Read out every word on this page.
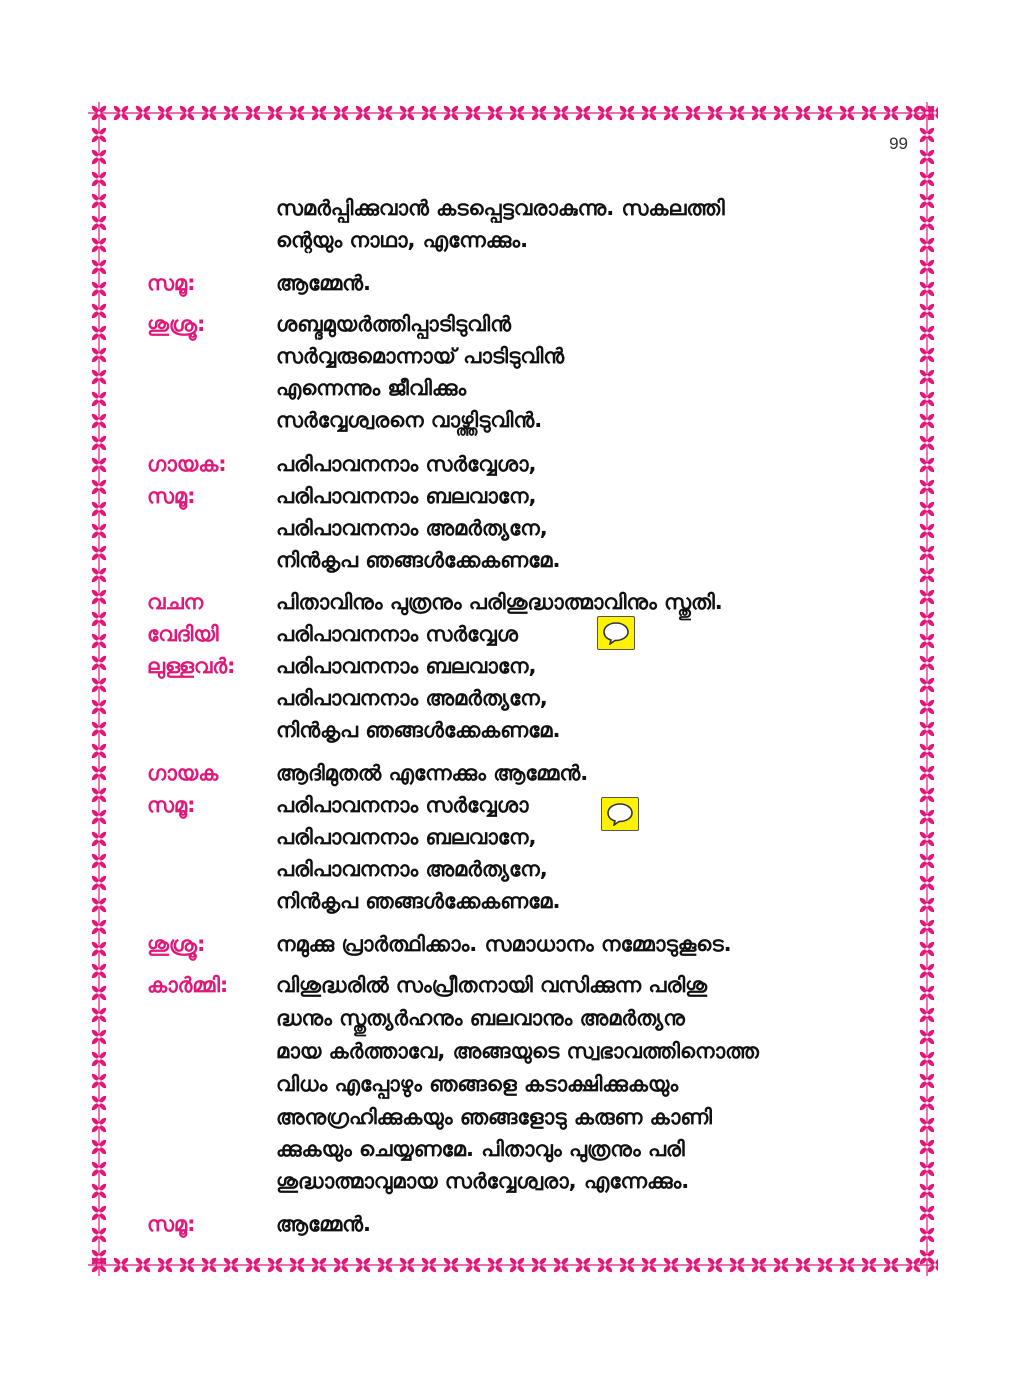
99
സമർപ്പിക്കുവാൻ കടപ്പെട്ടവരാകുന്നു. സകലത്തി
ന്റെയും നാഥാ, എന്നേക്കും.
സമൂ:	ആമ്മേൻ.
ശുശ്രൂ:	ശബ്ദമുയർത്തിപ്പാടിടുവിൻ
സർവ്വരുമൊന്നായ് പാടിടുവിൻ
എന്നെന്നും ജീവിക്കും
സർവ്വേശ്വരനെ വാഴ്ത്തിടുവിൻ.
ഗായക:	പരിപാവനനാം സർവ്വേശാ,
സമൂ:	പരിപാവനനാം ബലവാനേ,
പരിപാവനനാം അമർത്യനേ,
നിൻകൃപ ഞങ്ങൾക്കേകണമേ.
വചന	പിതാവിനും പുത്രനും പരിശുദ്ധാത്മാവിനും സ്തുതി.
വേദിയി	പരിപാവനനാം സർവ്വേശ
ലുള്ളവർ:	പരിപാവനനാം ബലവാനേ,
പരിപാവനനാം അമർത്യനേ,
നിൻകൃപ ഞങ്ങൾക്കേകണമേ.
ഗായക	ആദിമുതൽ എന്നേക്കും ആമ്മേൻ.
സമൂ:	പരിപാവനനാം സർവ്വേശാ
പരിപാവനനാം ബലവാനേ,
പരിപാവനനാം അമർത്യനേ,
നിൻകൃപ ഞങ്ങൾക്കേകണമേ.
ശുശ്രൂ:	നമുക്കു പ്രാർത്ഥിക്കാം. സമാധാനം നമ്മോടുകൂടെ.
കാർമ്മി:	വിശുദ്ധരിൽ സംപ്രീതനായി വസിക്കുന്ന പരിശു
ദ്ധനും സ്തുത്യർഹനും ബലവാനും അമർത്യനു
മായ കർത്താവേ, അങ്ങയുടെ സ്വഭാവത്തിനൊത്ത
വിധം എപ്പോഴും ഞങ്ങളെ കടാക്ഷിക്കുകയും
അനുഗ്രഹിക്കുകയും ഞങ്ങളോടു കരുണ കാണി
ക്കുകയും ചെയ്യണമേ. പിതാവും പുത്രനും പരി
ശുദ്ധാത്മാവുമായ സർവ്വേശ്വരാ, എന്നേക്കും.
സമൂ:	ആമ്മേൻ.
